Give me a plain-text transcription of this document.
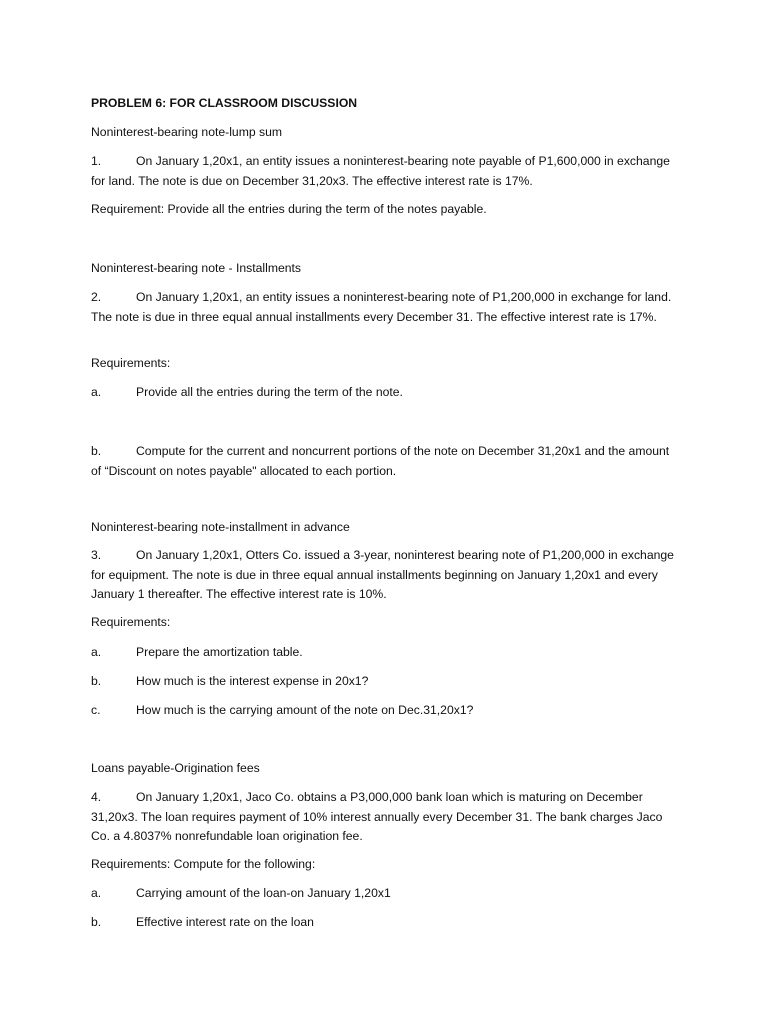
PROBLEM 6: FOR CLASSROOM DISCUSSION

Noninterest-bearing note-lump sum

1.	On January 1,20x1, an entity issues a noninterest-bearing note payable of P1,600,000 in exchange for land. The note is due on December 31,20x3. The effective interest rate is 17%.

Requirement: Provide all the entries during the term of the notes payable.

Noninterest-bearing note - Installments

2.	On January 1,20x1, an entity issues a noninterest-bearing note of P1,200,000 in exchange for land. The note is due in three equal annual installments every December 31. The effective interest rate is 17%.

Requirements:

a.	Provide all the entries during the term of the note.

b.	Compute for the current and noncurrent portions of the note on December 31,20x1 and the amount of “Discount on notes payable" allocated to each portion.

Noninterest-bearing note-installment in advance

3.	On January 1,20x1, Otters Co. issued a 3-year, noninterest bearing note of P1,200,000 in exchange for equipment. The note is due in three equal annual installments beginning on January 1,20x1 and every January 1 thereafter. The effective interest rate is 10%.

Requirements:

a.	Prepare the amortization table.

b.	How much is the interest expense in 20x1?

c.	How much is the carrying amount of the note on Dec.31,20x1?

Loans payable-Origination fees

4.	On January 1,20x1, Jaco Co. obtains a P3,000,000 bank loan which is maturing on December 31,20x3. The loan requires payment of 10% interest annually every December 31. The bank charges Jaco Co. a 4.8037% nonrefundable loan origination fee.

Requirements: Compute for the following:

a.	Carrying amount of the loan-on January 1,20x1

b.	Effective interest rate on the loan
